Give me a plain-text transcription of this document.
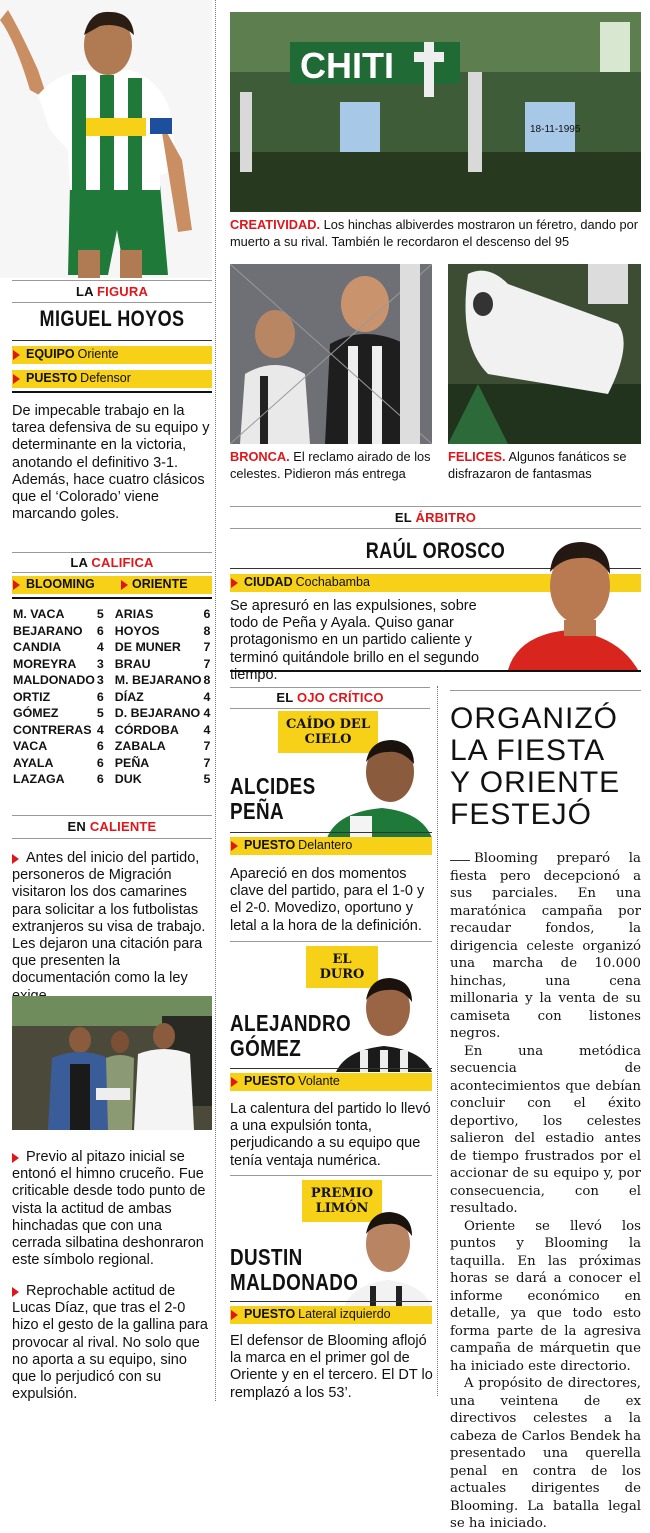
LA FIGURA
MIGUEL HOYOS
EQUIPO Oriente
PUESTO Defensor
De impecable trabajo en la tarea defensiva de su equipo y determinante en la victoria, anotando el definitivo 3-1. Además, hace cuatro clásicos que el ‘Colorado’ viene marcando goles.
LA CALIFICA
BLOOMING	ORIENTE
M. VACA	5	ARIAS	6
BEJARANO	6	HOYOS	8
CANDIA	4	DE MUNER	7
MOREYRA	3	BRAU	7
MALDONADO	3	M. BEJARANO	8
ORTIZ	6	DÍAZ	4
GÓMEZ	5	D. BEJARANO	4
CONTRERAS	4	CÓRDOBA	4
VACA	6	ZABALA	7
AYALA	6	PEÑA	7
LAZAGA	6	DUK	5
EN CALIENTE
Antes del inicio del partido, personeros de Migración visitaron los dos camarines para solicitar a los futbolistas extranjeros su visa de trabajo. Les dejaron una citación para que presenten la documentación como la ley
Previo al pitazo inicial se entonó el himno cruceño. Fue criticable desde todo punto de vista la actitud de ambas hinchadas que con una cerrada silbatina deshonraron este símbolo regional.
Reprochable actitud de Lucas Díaz, que tras el 2-0 hizo el gesto de la gallina para provocar al rival. No solo que no aporta a su equipo, sino que lo perjudicó con su expulsión.
CHITI
18-11-1995
CREATIVIDAD. Los hinchas albiverdes mostraron un féretro, dando por muerto a su rival. También le recordaron el descenso del 95
BRONCA. El reclamo airado de los celestes. Pidieron más entrega
FELICES. Algunos fanáticos se disfrazaron de fantasmas
EL ÁRBITRO
RAÚL OROSCO
CIUDAD Cochabamba
Se apresuró en las expulsiones, sobre todo de Peña y Ayala. Quiso ganar protagonismo en un partido caliente y terminó quitándole brillo en el segundo tiempo.
EL OJO CRÍTICO
CAÍDO DEL CIELO
ALCIDES
PEÑA
PUESTO Delantero
Apareció en dos momentos clave del partido, para el 1-0 y el 2-0. Movedizo, oportuno y letal a la hora de la definición.
EL DURO
ALEJANDRO
GÓMEZ
PUESTO Volante
La calentura del partido lo llevó a una expulsión tonta, perjudicando a su equipo que tenía ventaja numérica.
PREMIO LIMÓN
DUSTIN
MALDONADO
PUESTO Lateral izquierdo
El defensor de Blooming aflojó la marca en el primer gol de Oriente y en el tercero. El DT lo remplazó a los 53’.
ORGANIZÓ
LA FIESTA
Y ORIENTE
FESTEJÓ

Blooming preparó la fiesta pero decepcionó a sus parciales. En una maratónica campaña por recaudar fondos, la dirigencia celeste organizó una marcha de 10.000 hinchas, una cena millonaria y la venta de su camiseta con listones negros.

En una metódica secuencia de acontecimientos que debían concluir con el éxito deportivo, los celestes salieron del estadio antes de tiempo frustrados por el accionar de su equipo y, por consecuencia, con el resultado.

Oriente se llevó los puntos y Blooming la taquilla. En las próximas horas se dará a conocer el informe económico en detalle, ya que todo esto forma parte de la agresiva campaña de márquetin que ha iniciado este directorio.

A propósito de directores, una veintena de ex directivos celestes a la cabeza de Carlos Bendek ha presentado una querella penal en contra de los actuales dirigentes de Blooming. La batalla legal se ha iniciado.
